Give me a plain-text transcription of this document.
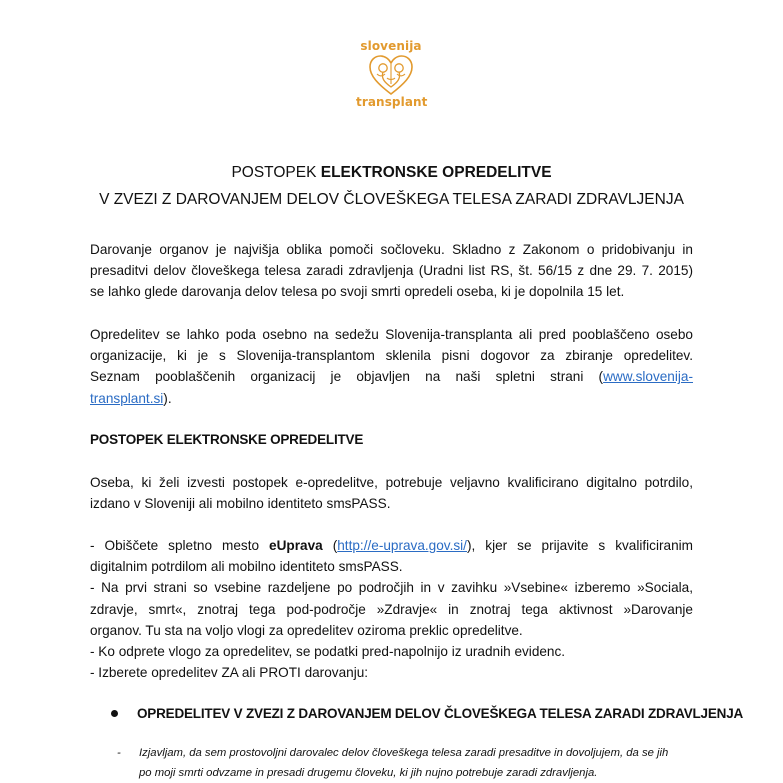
slovenija
transplant
POSTOPEK ELEKTRONSKE OPREDELITVE
V ZVEZI Z DAROVANJEM DELOV ČLOVEŠKEGA TELESA ZARADI ZDRAVLJENJA
Darovanje organov je najvišja oblika pomoči sočloveku. Skladno z Zakonom o pridobivanju in
presaditvi delov človeškega telesa zaradi zdravljenja (Uradni list RS, št. 56/15 z dne 29. 7. 2015)
se lahko glede darovanja delov telesa po svoji smrti opredeli oseba, ki je dopolnila 15 let.
Opredelitev se lahko poda osebno na sedežu Slovenija-transplanta ali pred pooblaščeno osebo
organizacije, ki je s Slovenija-transplantom sklenila pisni dogovor za zbiranje opredelitev.
Seznam pooblaščenih organizacij je objavljen na naši spletni strani (www.slovenija-
transplant.si).
POSTOPEK ELEKTRONSKE OPREDELITVE
Oseba, ki želi izvesti postopek e-opredelitve, potrebuje veljavno kvalificirano digitalno potrdilo,
izdano v Sloveniji ali mobilno identiteto smsPASS.
- Obiščete spletno mesto eUprava (http://e-uprava.gov.si/), kjer se prijavite s kvalificiranim
digitalnim potrdilom ali mobilno identiteto smsPASS.
- Na prvi strani so vsebine razdeljene po področjih in v zavihku »Vsebine« izberemo »Sociala,
zdravje, smrt«, znotraj tega pod-področje »Zdravje« in znotraj tega aktivnost »Darovanje
organov. Tu sta na voljo vlogi za opredelitev oziroma preklic opredelitve.
- Ko odprete vlogo za opredelitev, se podatki pred-napolnijo iz uradnih evidenc.
- Izberete opredelitev ZA ali PROTI darovanju:
OPREDELITEV V ZVEZI Z DAROVANJEM DELOV ČLOVEŠKEGA TELESA ZARADI ZDRAVLJENJA
- Izjavljam, da sem prostovoljni darovalec delov človeškega telesa zaradi presaditve in dovoljujem, da se jih
po moji smrti odvzame in presadi drugemu človeku, ki jih nujno potrebuje zaradi zdravljenja.
